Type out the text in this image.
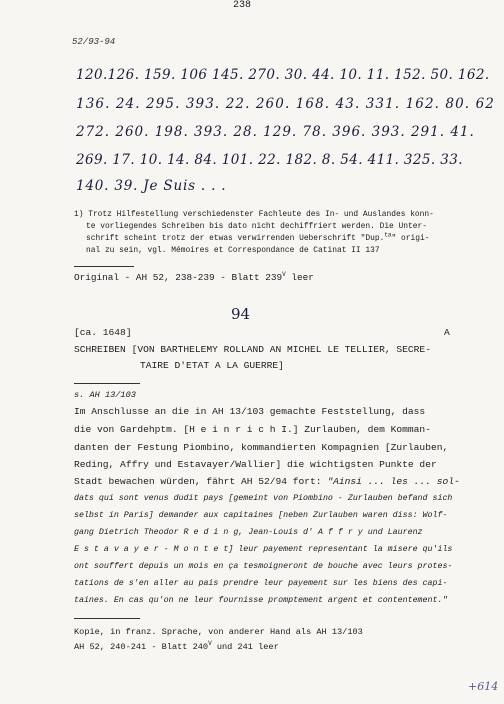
238
52/93-94
120.126. 159. 106 145. 270. 30. 44. 10. 11. 152. 50. 162.
136. 24. 295. 393. 22. 260. 168. 43. 331. 162. 80. 62
272. 260. 198. 393. 28. 129. 78. 396. 393. 291. 41.
269. 17. 10. 14. 84. 101. 22. 182. 8. 54. 411. 325. 33.
140. 39. Je Suis . . .
1) Trotz Hilfestellung verschiedenster Fachleute des In- und Auslandes konn-
te vorliegendes Schreiben bis dato nicht dechiffriert werden. Die Unter-
schrift scheint trotz der etwas verwirrenden Ueberschrift "Dup.$^{ta}$" origi-
nal zu sein, vgl. Mémoires et Correspondance de Catinat II 137
Original - AH 52, 238-239 - Blatt $239^V$ leer
94
[ca. 1648]	A
SCHREIBEN [VON BARTHELEMY ROLLAND AN MICHEL LE TELLIER, SECRE-
TAIRE D'ETAT A LA GUERRE]
s. AH 13/103
Im Anschlusse an die in AH 13/103 gemachte Feststellung, dass
die von Gardehptm. [H e i n r i c h I.] Zurlauben, dem Komman-
danten der Festung Piombino, kommandierten Kompagnien [Zurlauben,
Reding, Affry und Estavayer/Wallier] die wichtigsten Punkte der
Stadt bewachen würden, fährt AH 52/94 fort: "Ainsi ... les ... sol-
dats qui sont venus dudit pays [gemeint von Piombino - Zurlauben befand sich
selbst in Paris] demander aux capitaines [neben Zurlauben waren diss: Wolf-
gang Dietrich Theodor R e d i n g, Jean-Louis d' A f f r y und Laurenz
E s t a v a y e r - M o n t e t] leur payement representant la misere qu'ils
ont souffert depuis un mois en ça tesmoigneront de bouche avec leurs protes-
tations de s'en aller au pais prendre leur payement sur les biens des capi-
taines. En cas qu'on ne leur fournisse promptement argent et contentement."
Kopie, in franz. Sprache, von anderer Hand als AH 13/103
AH 52, 240-241 - Blatt $240^V$ und 241 leer
+614
